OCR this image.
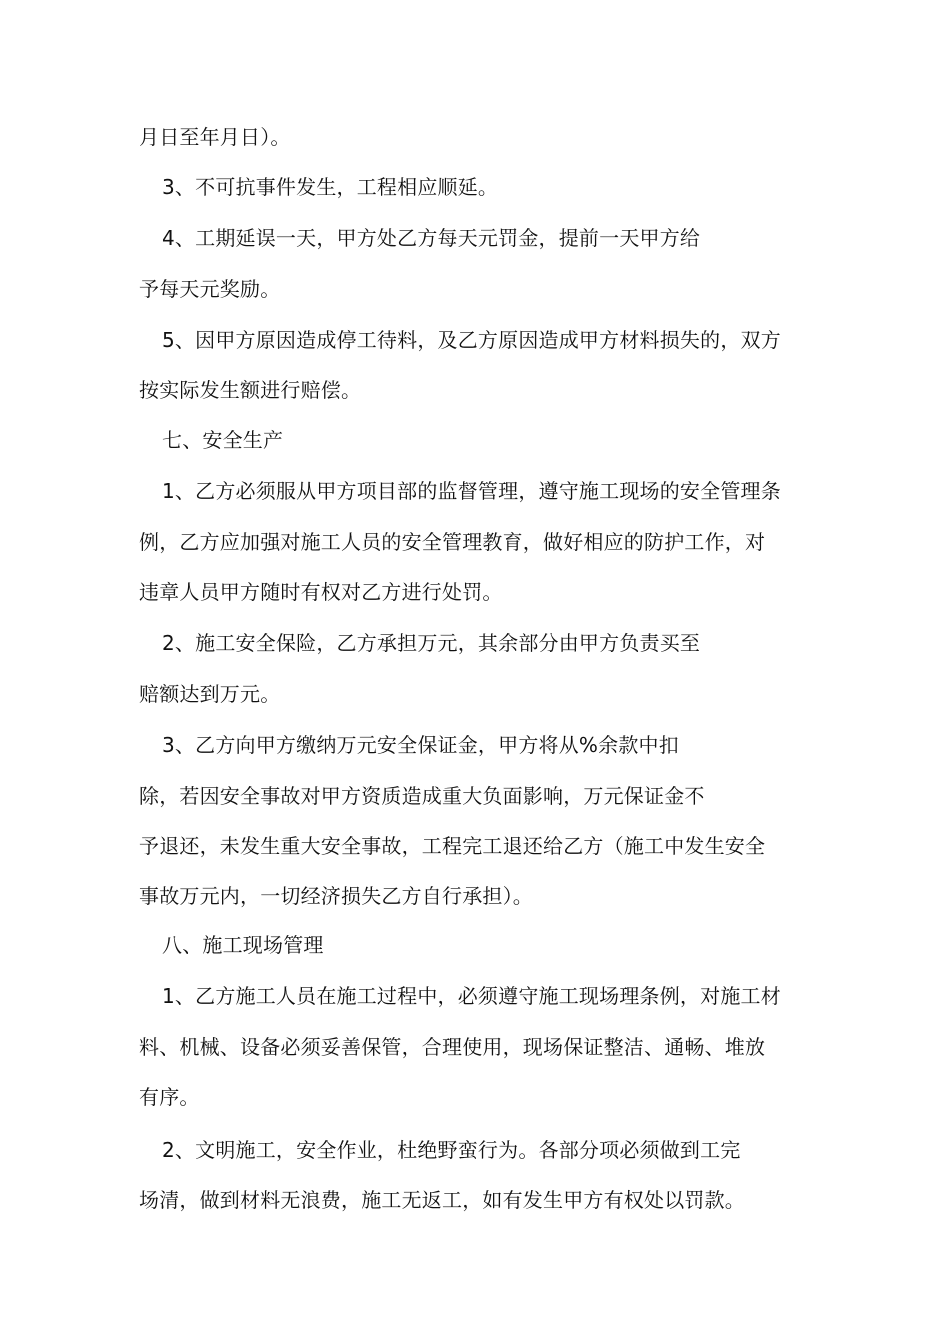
月日至年月日）。
3、不可抗事件发生，工程相应顺延。
4、工期延误一天，甲方处乙方每天元罚金，提前一天甲方给
予每天元奖励。
5、因甲方原因造成停工待料，及乙方原因造成甲方材料损失的，双方
按实际发生额进行赔偿。
七、安全生产
1、乙方必须服从甲方项目部的监督管理，遵守施工现场的安全管理条
例，乙方应加强对施工人员的安全管理教育，做好相应的防护工作，对
违章人员甲方随时有权对乙方进行处罚。
2、施工安全保险，乙方承担万元，其余部分由甲方负责买至
赔额达到万元。
3、乙方向甲方缴纳万元安全保证金，甲方将从%余款中扣
除，若因安全事故对甲方资质造成重大负面影响，万元保证金不
予退还，未发生重大安全事故，工程完工退还给乙方（施工中发生安全
事故万元内，一切经济损失乙方自行承担）。
八、施工现场管理
1、乙方施工人员在施工过程中，必须遵守施工现场理条例，对施工材
料、机械、设备必须妥善保管，合理使用，现场保证整洁、通畅、堆放
有序。
2、文明施工，安全作业，杜绝野蛮行为。各部分项必须做到工完
场清，做到材料无浪费，施工无返工，如有发生甲方有权处以罚款。
